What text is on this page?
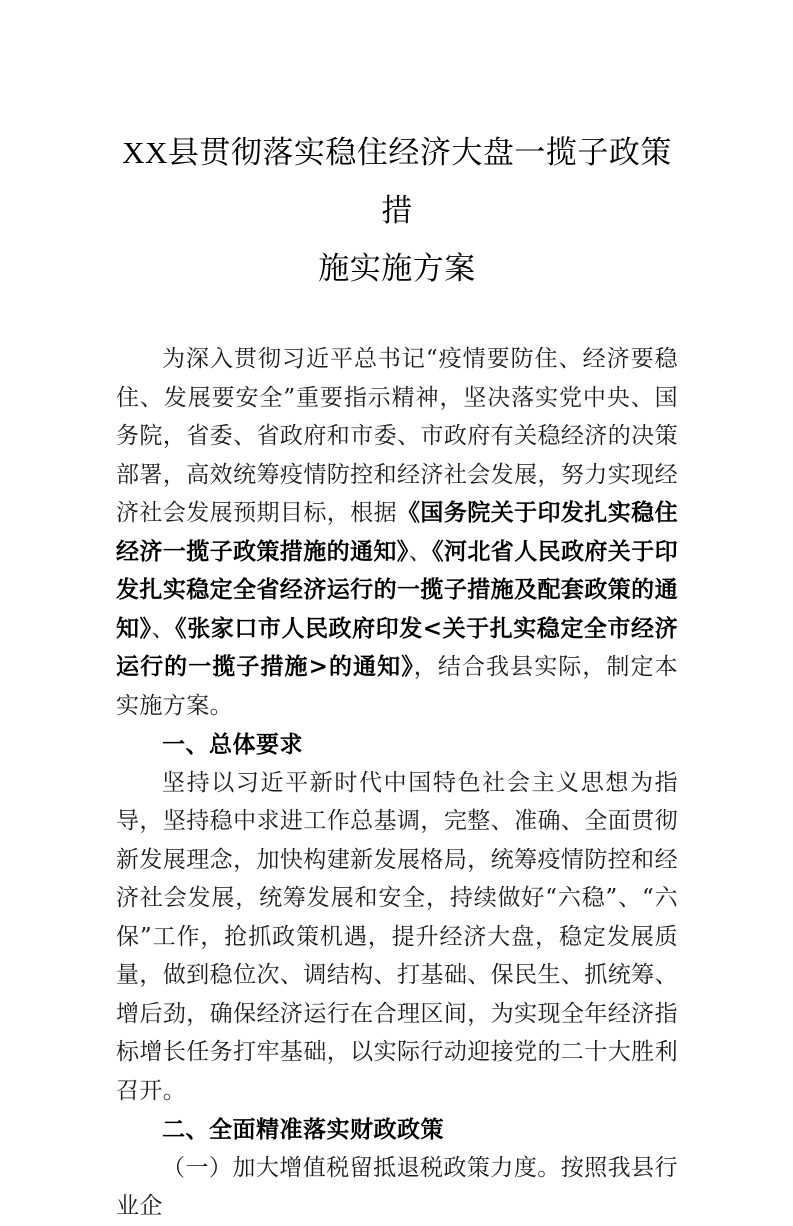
XX县贯彻落实稳住经济大盘一揽子政策措
施实施方案

为深入贯彻习近平总书记“疫情要防住、经济要稳住、发展要安全”重要指示精神，坚决落实党中央、国务院，省委、省政府和市委、市政府有关稳经济的决策部署，高效统筹疫情防控和经济社会发展，努力实现经济社会发展预期目标，根据《国务院关于印发扎实稳住经济一揽子政策措施的通知》、《河北省人民政府关于印发扎实稳定全省经济运行的一揽子措施及配套政策的通知》、《张家口市人民政府印发<关于扎实稳定全市经济运行的一揽子措施>的通知》，结合我县实际，制定本实施方案。

一、总体要求

坚持以习近平新时代中国特色社会主义思想为指导，坚持稳中求进工作总基调，完整、准确、全面贯彻新发展理念，加快构建新发展格局，统筹疫情防控和经济社会发展，统筹发展和安全，持续做好“六稳”、“六保”工作，抢抓政策机遇，提升经济大盘，稳定发展质量，做到稳位次、调结构、打基础、保民生、抓统筹、增后劲，确保经济运行在合理区间，为实现全年经济指标增长任务打牢基础，以实际行动迎接党的二十大胜利召开。

二、全面精准落实财政政策

（一）加大增值税留抵退税政策力度。按照我县行业企
